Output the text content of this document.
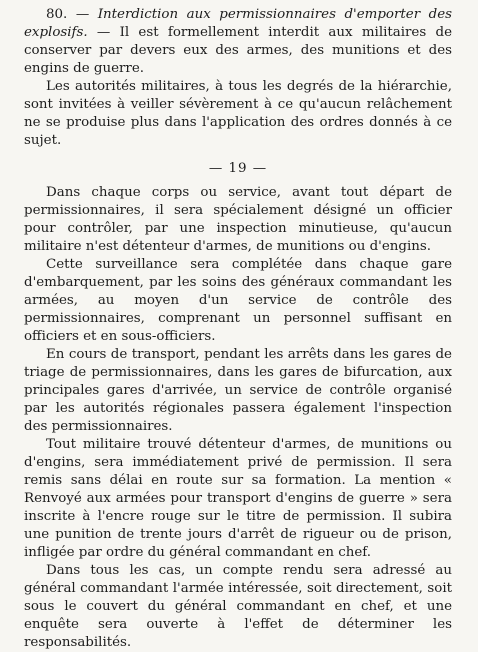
80. — Interdiction aux permissionnaires d'emporter des explosifs. — Il est formellement interdit aux militaires de conserver par devers eux des armes, des munitions et des engins de guerre.

Les autorités militaires, à tous les degrés de la hiérarchie, sont invitées à veiller sévèrement à ce qu'aucun relâchement ne se produise plus dans l'application des ordres donnés à ce sujet.

— 19 —

Dans chaque corps ou service, avant tout départ de permissionnaires, il sera spécialement désigné un officier pour contrôler, par une inspection minutieuse, qu'aucun militaire n'est détenteur d'armes, de munitions ou d'engins.

Cette surveillance sera complétée dans chaque gare d'embarquement, par les soins des généraux commandant les armées, au moyen d'un service de contrôle des permissionnaires, comprenant un personnel suffisant en officiers et en sous-officiers.

En cours de transport, pendant les arrêts dans les gares de triage de permissionnaires, dans les gares de bifurcation, aux principales gares d'arrivée, un service de contrôle organisé par les autorités régionales passera également l'inspection des permissionnaires.

Tout militaire trouvé détenteur d'armes, de munitions ou d'engins, sera immédiatement privé de permission. Il sera remis sans délai en route sur sa formation. La mention « Renvoyé aux armées pour transport d'engins de guerre » sera inscrite à l'encre rouge sur le titre de permission. Il subira une punition de trente jours d'arrêt de rigueur ou de prison, infligée par ordre du général commandant en chef.

Dans tous les cas, un compte rendu sera adressé au général commandant l'armée intéressée, soit directement, soit sous le couvert du général commandant en chef, et une enquête sera ouverte à l'effet de déterminer les responsabilités.
